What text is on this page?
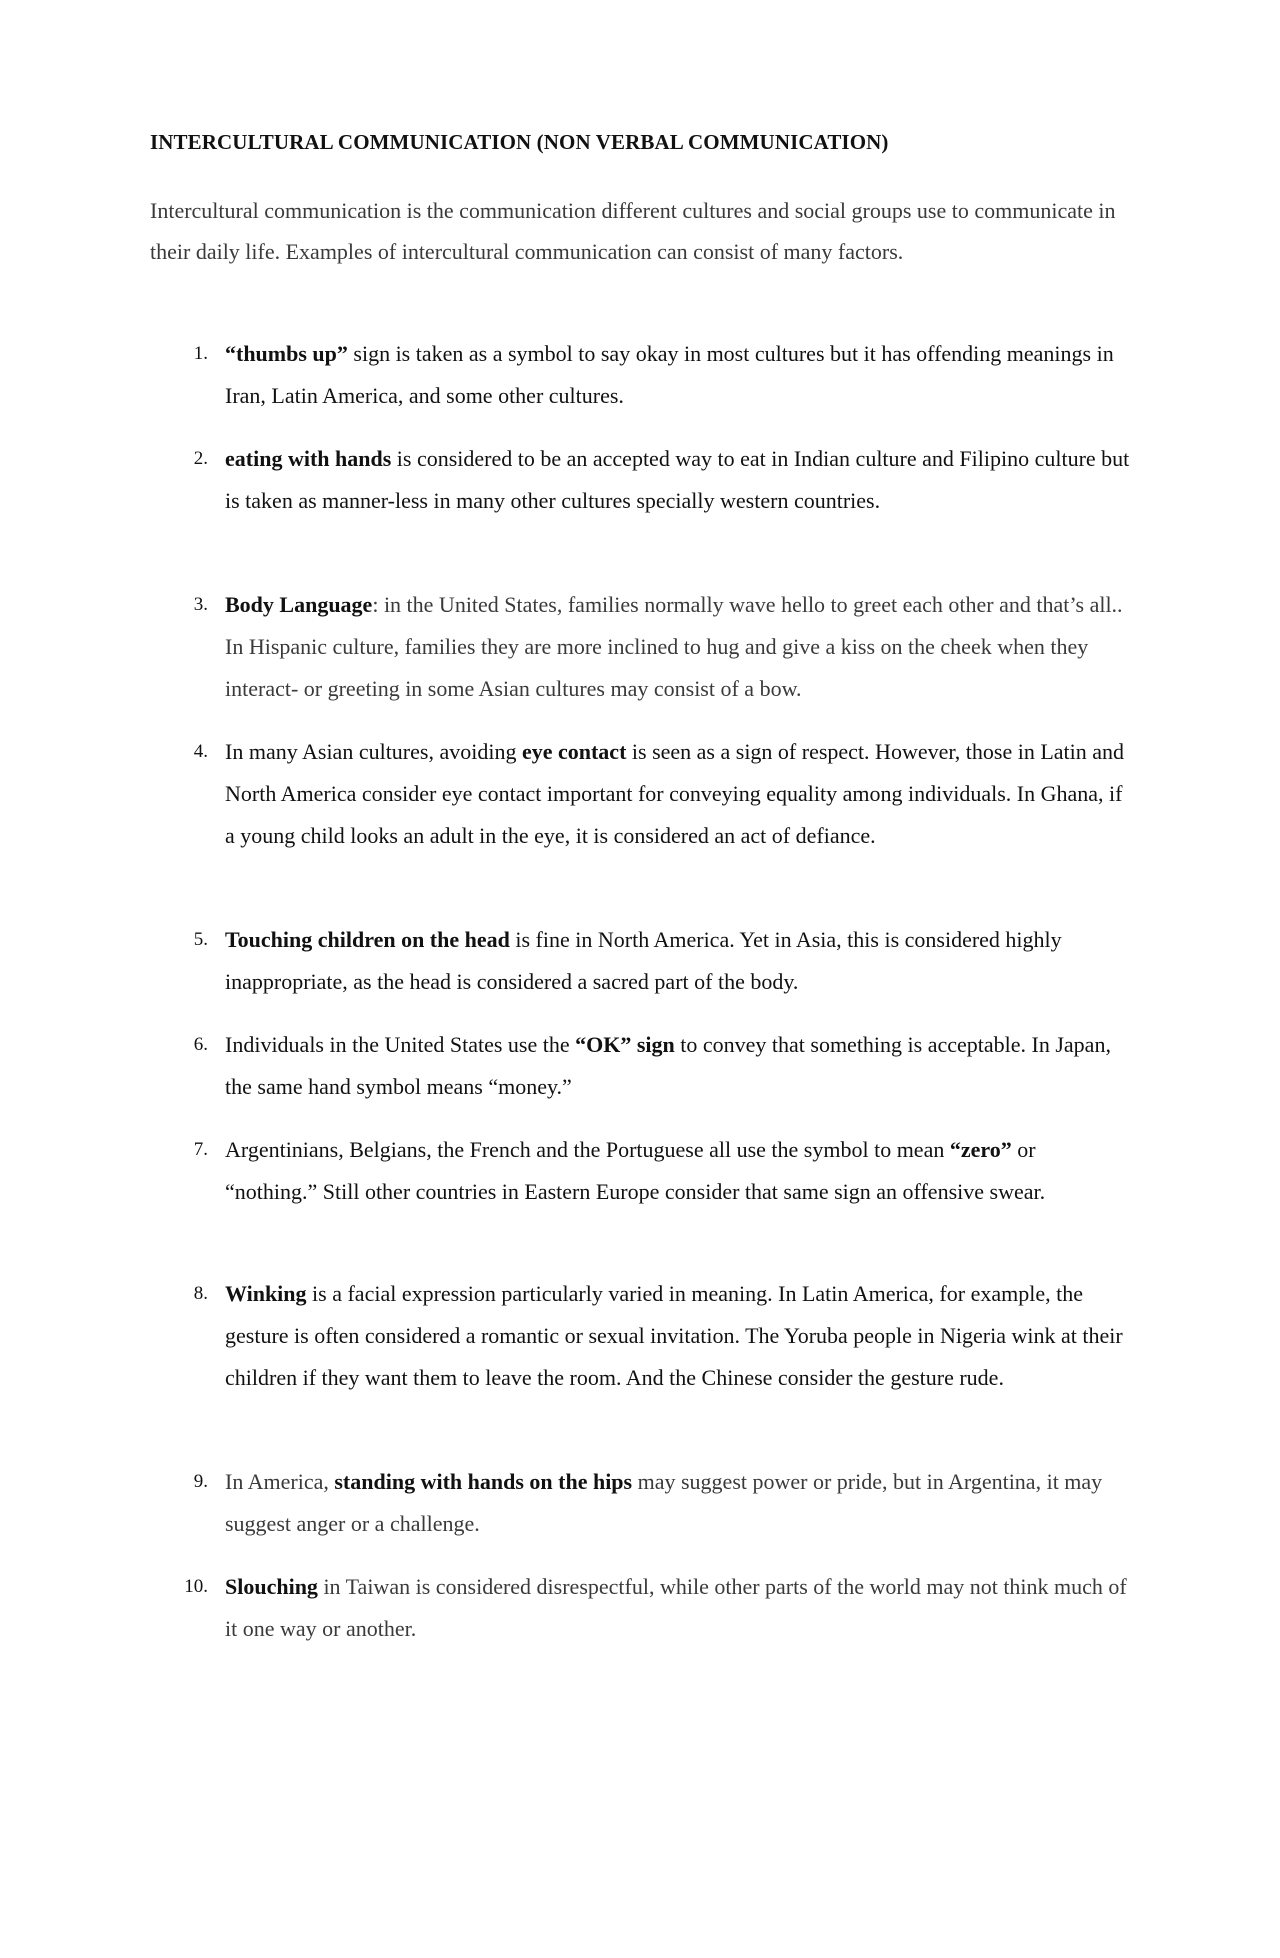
INTERCULTURAL COMMUNICATION (NON VERBAL COMMUNICATION)

Intercultural communication is the communication different cultures and social groups use to communicate in their daily life. Examples of intercultural communication can consist of many factors.

1. “thumbs up” sign is taken as a symbol to say okay in most cultures but it has offending meanings in Iran, Latin America, and some other cultures.

2. eating with hands is considered to be an accepted way to eat in Indian culture and Filipino culture but is taken as manner-less in many other cultures specially western countries.

3. Body Language: in the United States, families normally wave hello to greet each other and that’s all.. In Hispanic culture, families they are more inclined to hug and give a kiss on the cheek when they interact- or greeting in some Asian cultures may consist of a bow.

4. In many Asian cultures, avoiding eye contact is seen as a sign of respect. However, those in Latin and North America consider eye contact important for conveying equality among individuals. In Ghana, if a young child looks an adult in the eye, it is considered an act of defiance.

5. Touching children on the head is fine in North America. Yet in Asia, this is considered highly inappropriate, as the head is considered a sacred part of the body.

6. Individuals in the United States use the “OK” sign to convey that something is acceptable. In Japan, the same hand symbol means “money.”

7. Argentinians, Belgians, the French and the Portuguese all use the symbol to mean “zero” or “nothing.” Still other countries in Eastern Europe consider that same sign an offensive swear.

8. Winking is a facial expression particularly varied in meaning. In Latin America, for example, the gesture is often considered a romantic or sexual invitation. The Yoruba people in Nigeria wink at their children if they want them to leave the room. And the Chinese consider the gesture rude.

9. In America, standing with hands on the hips may suggest power or pride, but in Argentina, it may suggest anger or a challenge.

10. Slouching in Taiwan is considered disrespectful, while other parts of the world may not think much of it one way or another.
